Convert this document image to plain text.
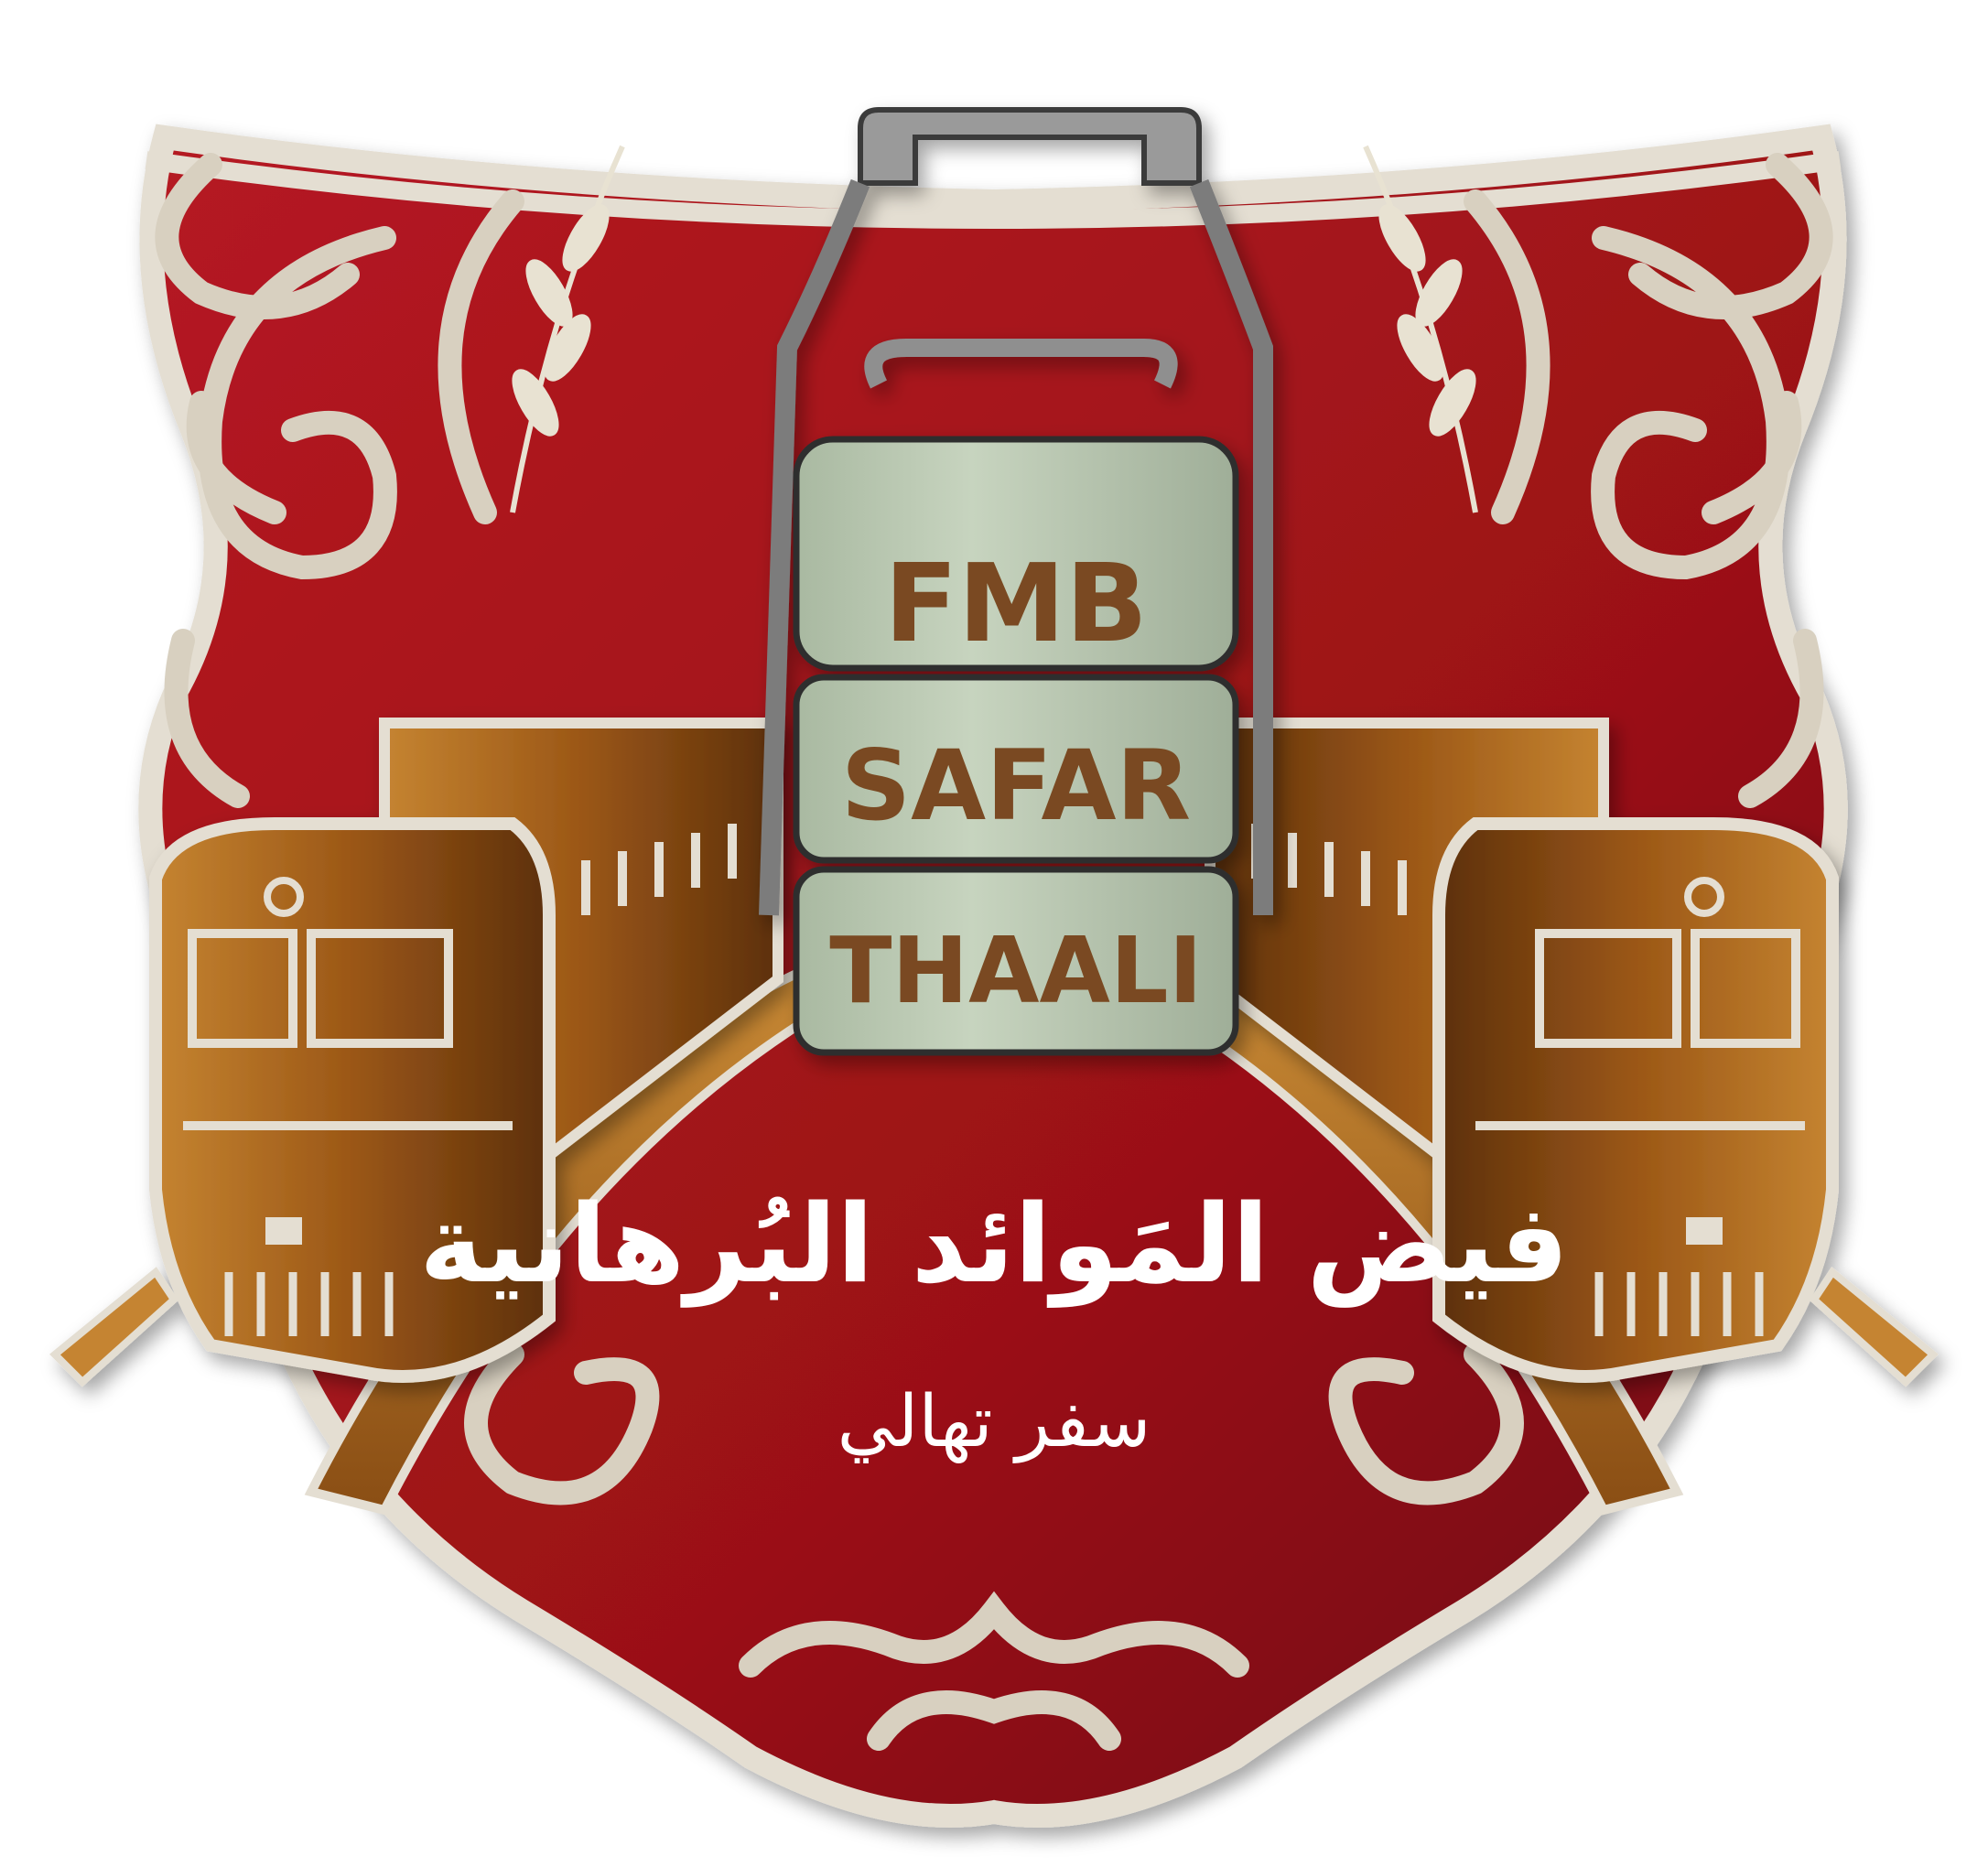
FMB
SAFAR
THAALI
فيض المَوائد البُرهانية
سفر تهالي
